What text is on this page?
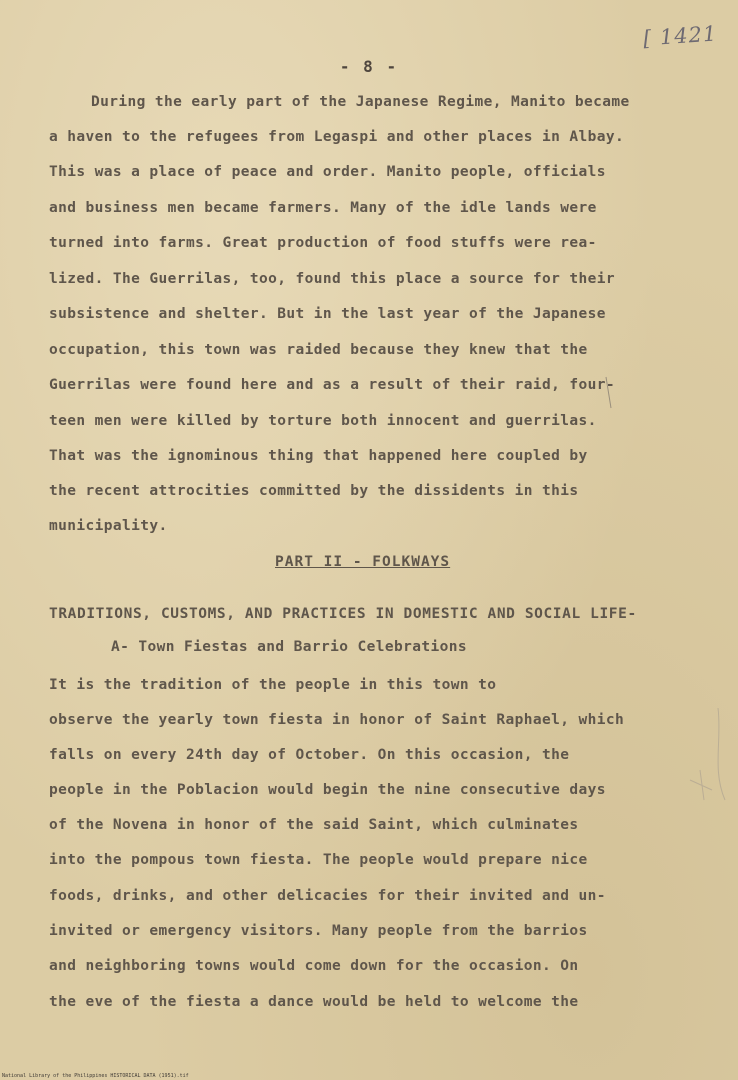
[ 1421
- 8 -
During the early part of the Japanese Regime, Manito became
a haven to the refugees from Legaspi and other places in Albay.
This was a place of peace and order. Manito people, officials
and business men became farmers. Many of the idle lands were
turned into farms. Great production of food stuffs were rea-
lized. The Guerrilas, too, found this place a source for their
subsistence and shelter. But in the last year of the Japanese
occupation, this town was raided because they knew that the
Guerrilas were found here and as a result of their raid, four-
teen men were killed by torture both innocent and guerrilas.
That was the ignominous thing that happened here coupled by
the recent attrocities committed by the dissidents in this
municipality.
PART II - FOLKWAYS
TRADITIONS, CUSTOMS, AND PRACTICES IN DOMESTIC AND SOCIAL LIFE-
A- Town Fiestas and Barrio Celebrations
It is the tradition of the people in this town to
observe the yearly town fiesta in honor of Saint Raphael, which
falls on every 24th day of October. On this occasion, the
people in the Poblacion would begin the nine consecutive days
of the Novena in honor of the said Saint, which culminates
into the pompous town fiesta. The people would prepare nice
foods, drinks, and other delicacies for their invited and un-
invited or emergency visitors. Many people from the barrios
and neighboring towns would come down for the occasion. On
the eve of the fiesta a dance would be held to welcome the
National Library of the Philippines HISTORICAL DATA (1951).tif
